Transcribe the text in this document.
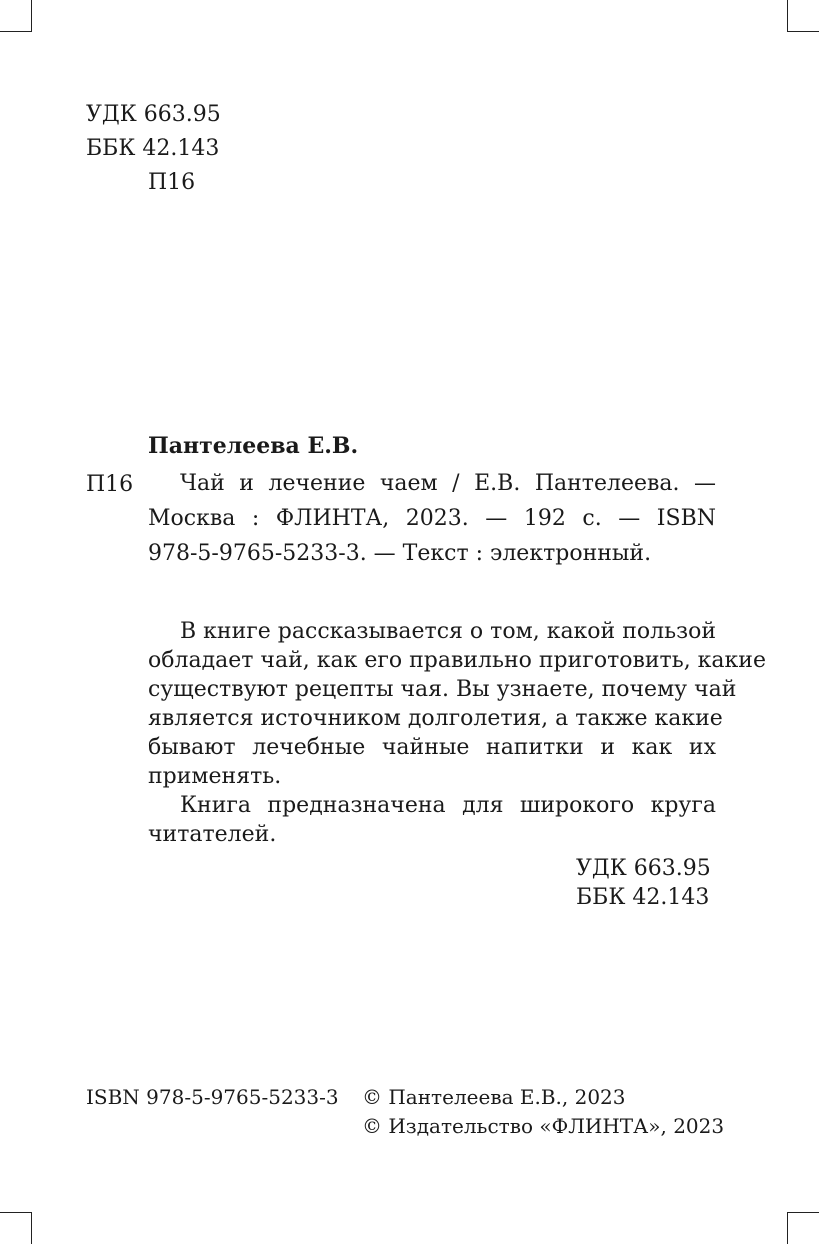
УДК 663.95
ББК 42.143
П16
Пантелеева Е.В.
П16	Чай и лечение чаем / Е.В. Пантелеева. —
Москва : ФЛИНТА, 2023. — 192 с. — ISBN
978-5-9765-5233-3. — Текст : электронный.
В книге рассказывается о том, какой пользой
обладает чай, как его правильно приготовить, какие
существуют рецепты чая. Вы узнаете, почему чай
является источником долголетия, а также какие
бывают лечебные чайные напитки и как их
применять.
Книга предназначена для широкого круга
читателей.
УДК 663.95
ББК 42.143
ISBN 978-5-9765-5233-3 © Пантелеева Е.В., 2023
© Издательство «ФЛИНТА», 2023
